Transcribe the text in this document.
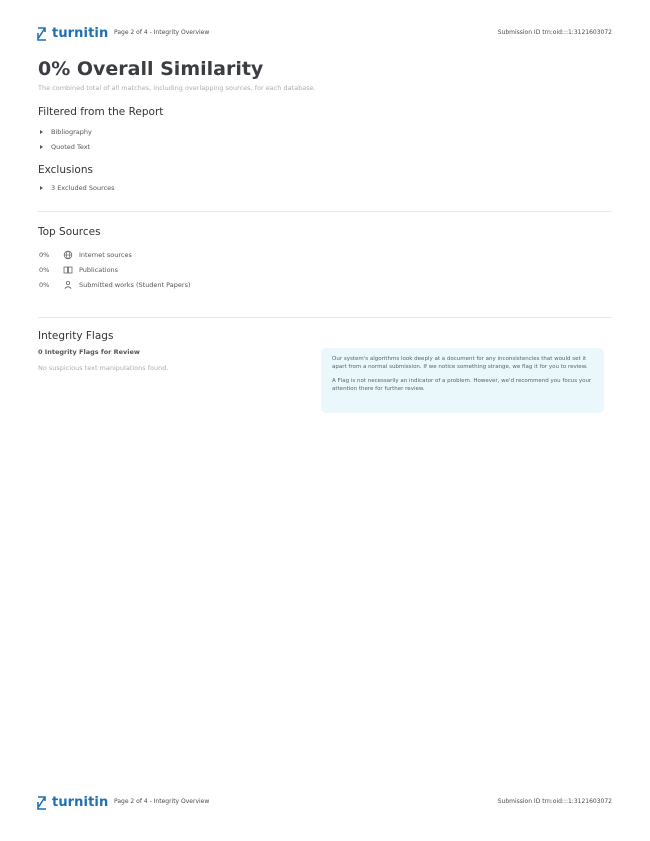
turnitin Page 2 of 4 - Integrity Overview	Submission ID trn:oid:::1:3121603072
0% Overall Similarity
The combined total of all matches, including overlapping sources, for each database.
Filtered from the Report
Bibliography
Quoted Text
Exclusions
3 Excluded Sources
Top Sources
0%	Internet sources
0%	Publications
0%	Submitted works (Student Papers)
Integrity Flags
0 Integrity Flags for Review
No suspicious text manipulations found.

Our system's algorithms look deeply at a document for any inconsistencies that would set it apart from a normal submission. If we notice something strange, we flag it for you to review.

A Flag is not necessarily an indicator of a problem. However, we'd recommend you focus your attention there for further review.

turnitin Page 2 of 4 - Integrity Overview	Submission ID trn:oid:::1:3121603072
